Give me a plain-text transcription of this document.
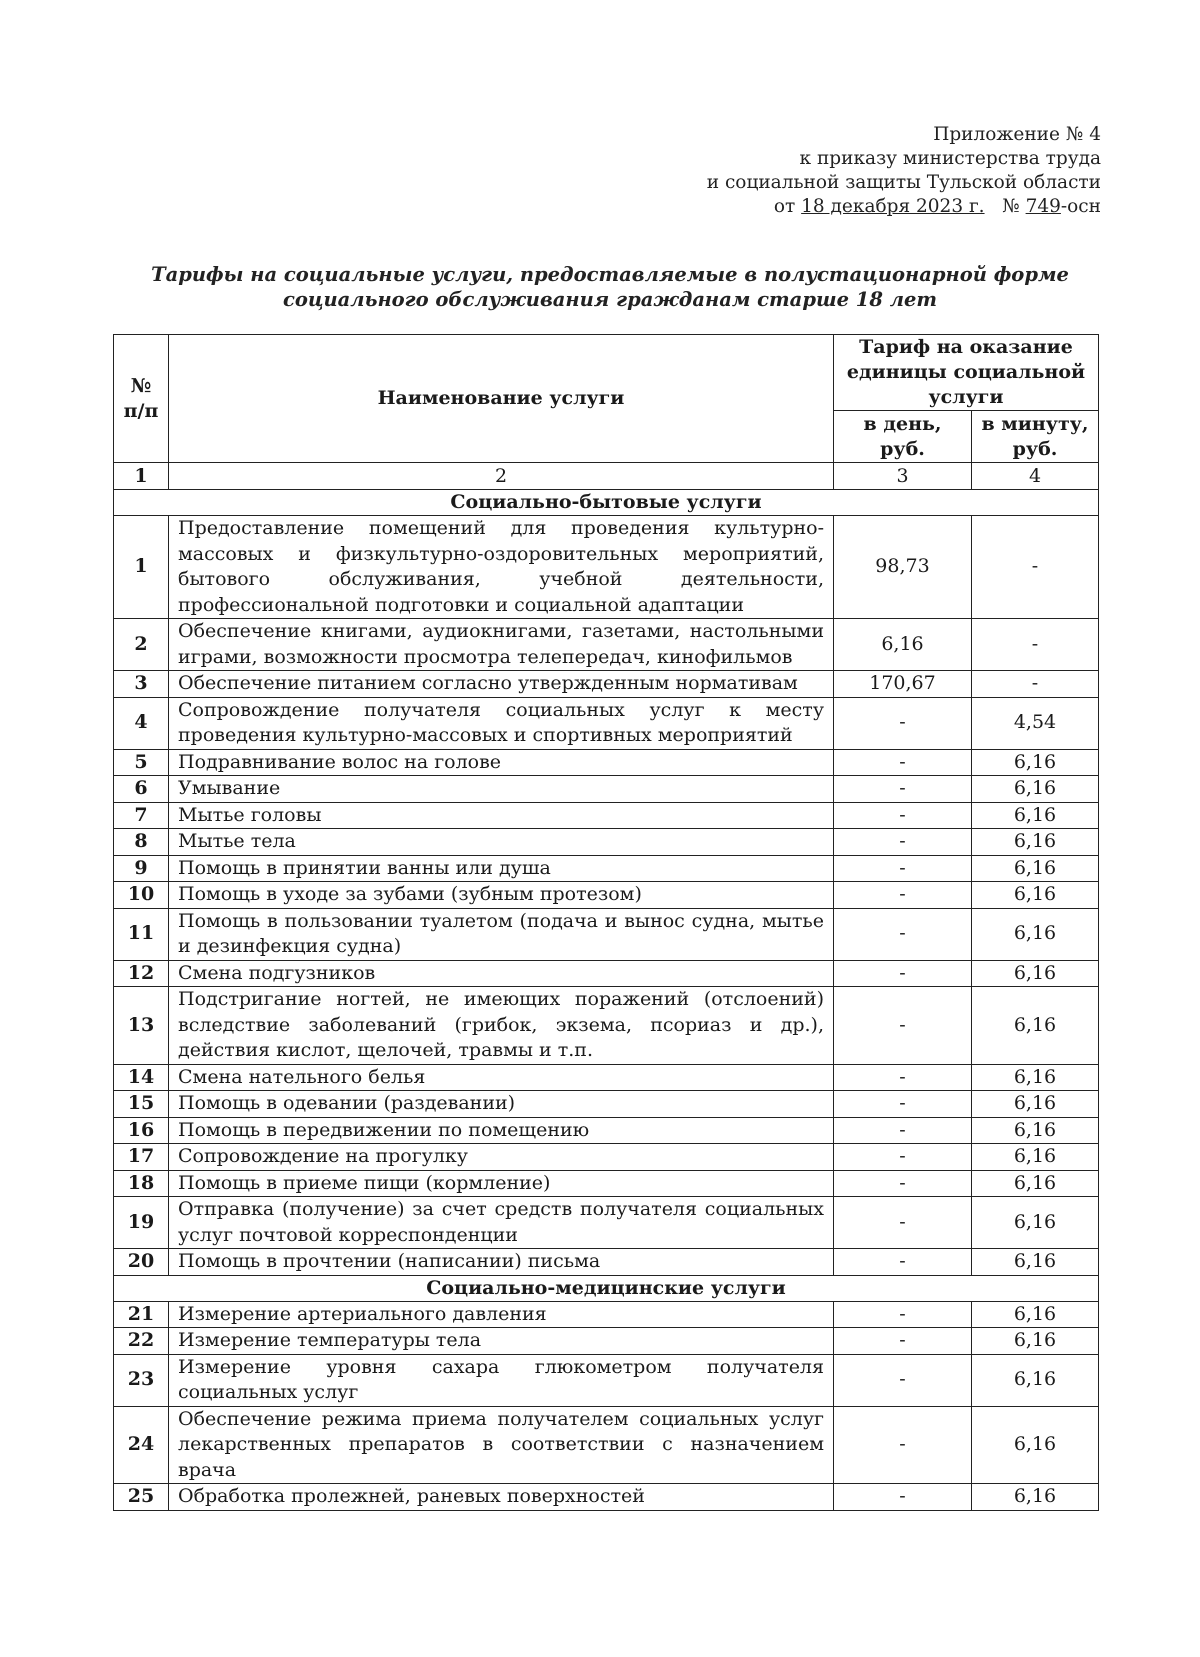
Приложение № 4
к приказу министерства труда
и социальной защиты Тульской области
от 18 декабря 2023 г. № 749-осн
Тарифы на социальные услуги, предоставляемые в полустационарной форме социального обслуживания гражданам старше 18 лет
№ п/п	Наименование услуги	Тариф на оказание единицы социальной услуги	
		в день, руб.	в минуту, руб.
1	2	3	4
Социально-бытовые услуги			
1	Предоставление помещений для проведения культурно-массовых и физкультурно-оздоровительных мероприятий, бытового обслуживания, учебной деятельности, профессиональной подготовки и социальной адаптации	98,73	-
2	Обеспечение книгами, аудиокнигами, газетами, настольными играми, возможности просмотра телепередач, кинофильмов	6,16	-
3	Обеспечение питанием согласно утвержденным нормативам	170,67	-
4	Сопровождение получателя социальных услуг к месту проведения культурно-массовых и спортивных мероприятий	-	4,54
5	Подравнивание волос на голове	-	6,16
6	Умывание	-	6,16
7	Мытье головы	-	6,16
8	Мытье тела	-	6,16
9	Помощь в принятии ванны или душа	-	6,16
10	Помощь в уходе за зубами (зубным протезом)	-	6,16
11	Помощь в пользовании туалетом (подача и вынос судна, мытье и дезинфекция судна)	-	6,16
12	Смена подгузников	-	6,16
13	Подстригание ногтей, не имеющих поражений (отслоений) вследствие заболеваний (грибок, экзема, псориаз и др.), действия кислот, щелочей, травмы и т.п.	-	6,16
14	Смена нательного белья	-	6,16
15	Помощь в одевании (раздевании)	-	6,16
16	Помощь в передвижении по помещению	-	6,16
17	Сопровождение на прогулку	-	6,16
18	Помощь в приеме пищи (кормление)	-	6,16
19	Отправка (получение) за счет средств получателя социальных услуг почтовой корреспонденции	-	6,16
20	Помощь в прочтении (написании) письма	-	6,16
Социально-медицинские услуги			
21	Измерение артериального давления	-	6,16
22	Измерение температуры тела	-	6,16
23	Измерение уровня сахара глюкометром получателя социальных услуг	-	6,16
24	Обеспечение режима приема получателем социальных услуг лекарственных препаратов в соответствии с назначением врача	-	6,16
25	Обработка пролежней, раневых поверхностей	-	6,16
